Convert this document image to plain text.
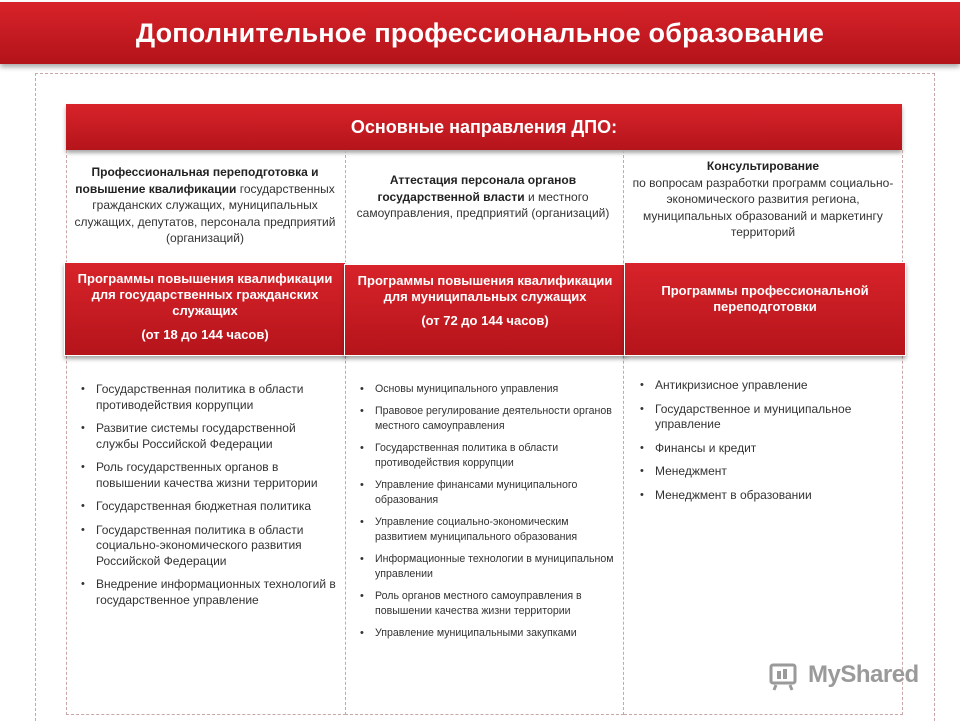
Дополнительное профессиональное образование
Основные направления ДПО:
Профессиональная переподготовка и повышение квалификации государственных гражданских служащих, муниципальных служащих, депутатов, персонала предприятий (организаций)
Аттестация персонала органов государственной власти и местного самоуправления, предприятий (организаций)
Консультирование
по вопросам разработки программ социально-экономического развития региона, муниципальных образований и маркетингу территорий
Программы повышения квалификации для государственных гражданских служащих
(от 18 до 144 часов)
Программы повышения квалификации для муниципальных служащих
(от 72 до 144 часов)
Программы профессиональной переподготовки
• Государственная политика в области противодействия коррупции
• Развитие системы государственной службы Российской Федерации
• Роль государственных органов в повышении качества жизни территории
• Государственная бюджетная политика
• Государственная политика в области социально-экономического развития Российской Федерации
• Внедрение информационных технологий в государственное управление
• Основы муниципального управления
• Правовое регулирование деятельности органов местного самоуправления
• Государственная политика в области противодействия коррупции
• Управление финансами муниципального образования
• Управление социально-экономическим развитием муниципального образования
• Информационные технологии в муниципальном управлении
• Роль органов местного самоуправления в повышении качества жизни территории
• Управление муниципальными закупками
• Антикризисное управление
• Государственное и муниципальное управление
• Финансы и кредит
• Менеджмент
• Менеджмент в образовании
MyShared
